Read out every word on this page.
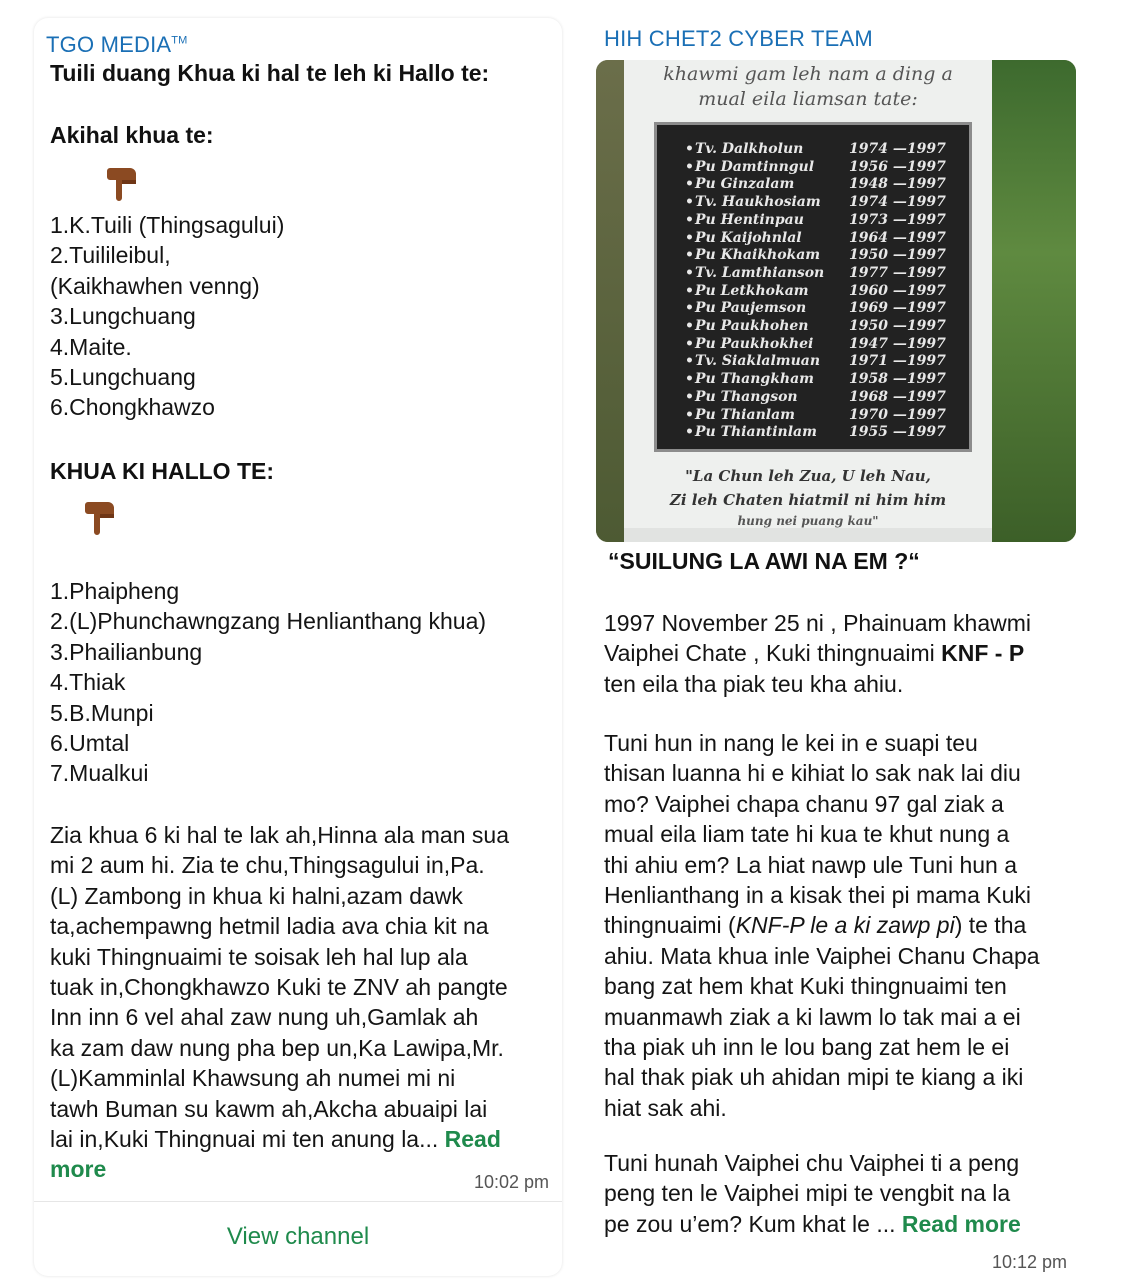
TGO MEDIA™
Tuili duang Khua ki hal te leh ki Hallo te:
Akihal khua te:
1.K.Tuili (Thingsagului)
2.Tuilileibul,
(Kaikhawhen venng)
3.Lungchuang
4.Maite.
5.Lungchuang
6.Chongkhawzo
KHUA KI HALLO TE:
1.Phaipheng
2.(L)Phunchawngzang Henlianthang khua)
3.Phailianbung
4.Thiak
5.B.Munpi
6.Umtal
7.Mualkui
Zia khua 6 ki hal te lak ah,Hinna ala man sua
mi 2 aum hi. Zia te chu,Thingsagului in,Pa.
(L) Zambong in khua ki halni,azam dawk
ta,achempawng hetmil ladia ava chia kit na
kuki Thingnuaimi te soisak leh hal lup ala
tuak in,Chongkhawzo Kuki te ZNV ah pangte
Inn inn 6 vel ahal zaw nung uh,Gamlak ah
ka zam daw nung pha bep un,Ka Lawipa,Mr.
(L)Kamminlal Khawsung ah numei mi ni
tawh Buman su kawm ah,Akcha abuaipi lai
lai in,Kuki Thingnuai mi ten anung la... Read
more	10:02 pm
View channel
HIH CHET2 CYBER TEAM
khawmi gam leh nam a ding a
mual eila liamsan tate:
• Tv. Dalkholun	1974 —1997
• Pu Damtinngul 1956 —1997
• Pu Ginzalam	1948 —1997
• Tv. Haukhosiam 1974 —1997
• Pu Hentinpau	1973 —1997
• Pu Kaijohnlal	1964 —1997
• Pu Khaikhokam 1950 —1997
• Tv. Lamthianson 1977 —1997
• Pu Letkhokam	1960 —1997
• Pu Paujemson	1969 —1997
• Pu Paukhohen	1950 —1997
• Pu Paukhokhei	1947 —1997
• Tv. Siaklalmuan 1971 —1997
• Pu Thangkham	1958 —1997
• Pu Thangson	1968 —1997
• Pu Thianlam	1970 —1997
• Pu Thiantinlam 1955 —1997
"La Chun leh Zua, U leh Nau,
Zi leh Chaten hiatmil ni him him
hung nei puang kau"
“SUILUNG LA AWI NA EM ?“
1997 November 25 ni , Phainuam khawmi
Vaiphei Chate , Kuki thingnuaimi KNF - P
ten eila tha piak teu kha ahiu.
Tuni hun in nang le kei in e suapi teu
thisan luanna hi e kihiat lo sak nak lai diu
mo? Vaiphei chapa chanu 97 gal ziak a
mual eila liam tate hi kua te khut nung a
thi ahiu em? La hiat nawp ule Tuni hun a
Henlianthang in a kisak thei pi mama Kuki
thingnuaimi (KNF-P le a ki zawp pi) te tha
ahiu. Mata khua inle Vaiphei Chanu Chapa
bang zat hem khat Kuki thingnuaimi ten
muanmawh ziak a ki lawm lo tak mai a ei
tha piak uh inn le lou bang zat hem le ei
hal thak piak uh ahidan mipi te kiang a iki
hiat sak ahi.
Tuni hunah Vaiphei chu Vaiphei ti a peng
peng ten le Vaiphei mipi te vengbit na la
pe zou u’em? Kum khat le ... Read more
10:12 pm
